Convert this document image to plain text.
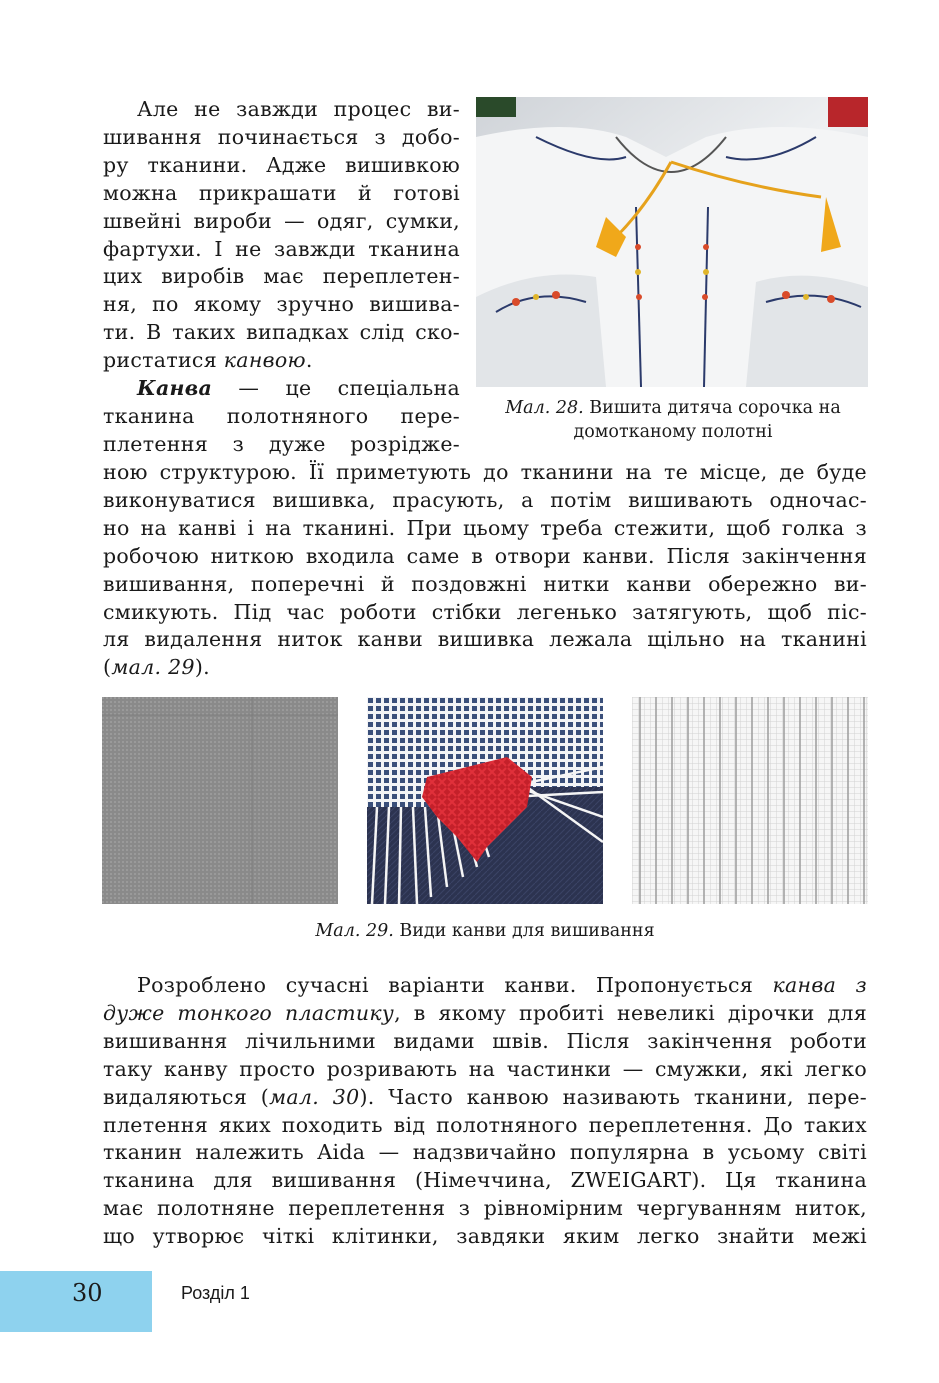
Але не завжди процес ви-
шивання починається з добо-
ру тканини. Адже вишивкою
можна прикрашати й готові
швейні вироби — одяг, сумки,
фартухи. І не завжди тканина
цих виробів має переплетен-
ня, по якому зручно вишива-
ти. В таких випадках слід ско-
ристатися канвою.
Канва — це спеціальна
тканина полотняного пере-
плетення з дуже розріджe-

Мал. 28. Вишита дитяча сорочка на
домотканому полотні

ною структурою. Її приметують до тканини на те місце, де буде
виконуватися вишивка, прасують, а потім вишивають одночас-
но на канві і на тканині. При цьому треба стежити, щоб голка з
робочою ниткою входила саме в отвори канви. Після закінчення
вишивання, поперечні й поздовжні нитки канви обережно ви-
смикують. Під час роботи стібки легенько затягують, щоб піс-
ля видалення ниток канви вишивка лежала щільно на тканині
(мал. 29).

Мал. 29. Види канви для вишивання

Розроблено сучасні варіанти канви. Пропонується канва з
дуже тонкого пластику, в якому пробиті невеликі дірочки для
вишивання лічильними видами швів. Після закінчення роботи
таку канву просто розривають на частинки — смужки, які легко
видаляються (мал. 30). Часто канвою називають тканини, пере-
плетення яких походить від полотняного переплетення. До таких
тканин належить Aida — надзвичайно популярна в усьому світі
тканина для вишивання (Німеччина, ZWEIGART). Ця тканина
має полотняне переплетення з рівномірним чергуванням ниток,
що утворює чіткі клітинки, завдяки яким легко знайти межі
30	Розділ 1
